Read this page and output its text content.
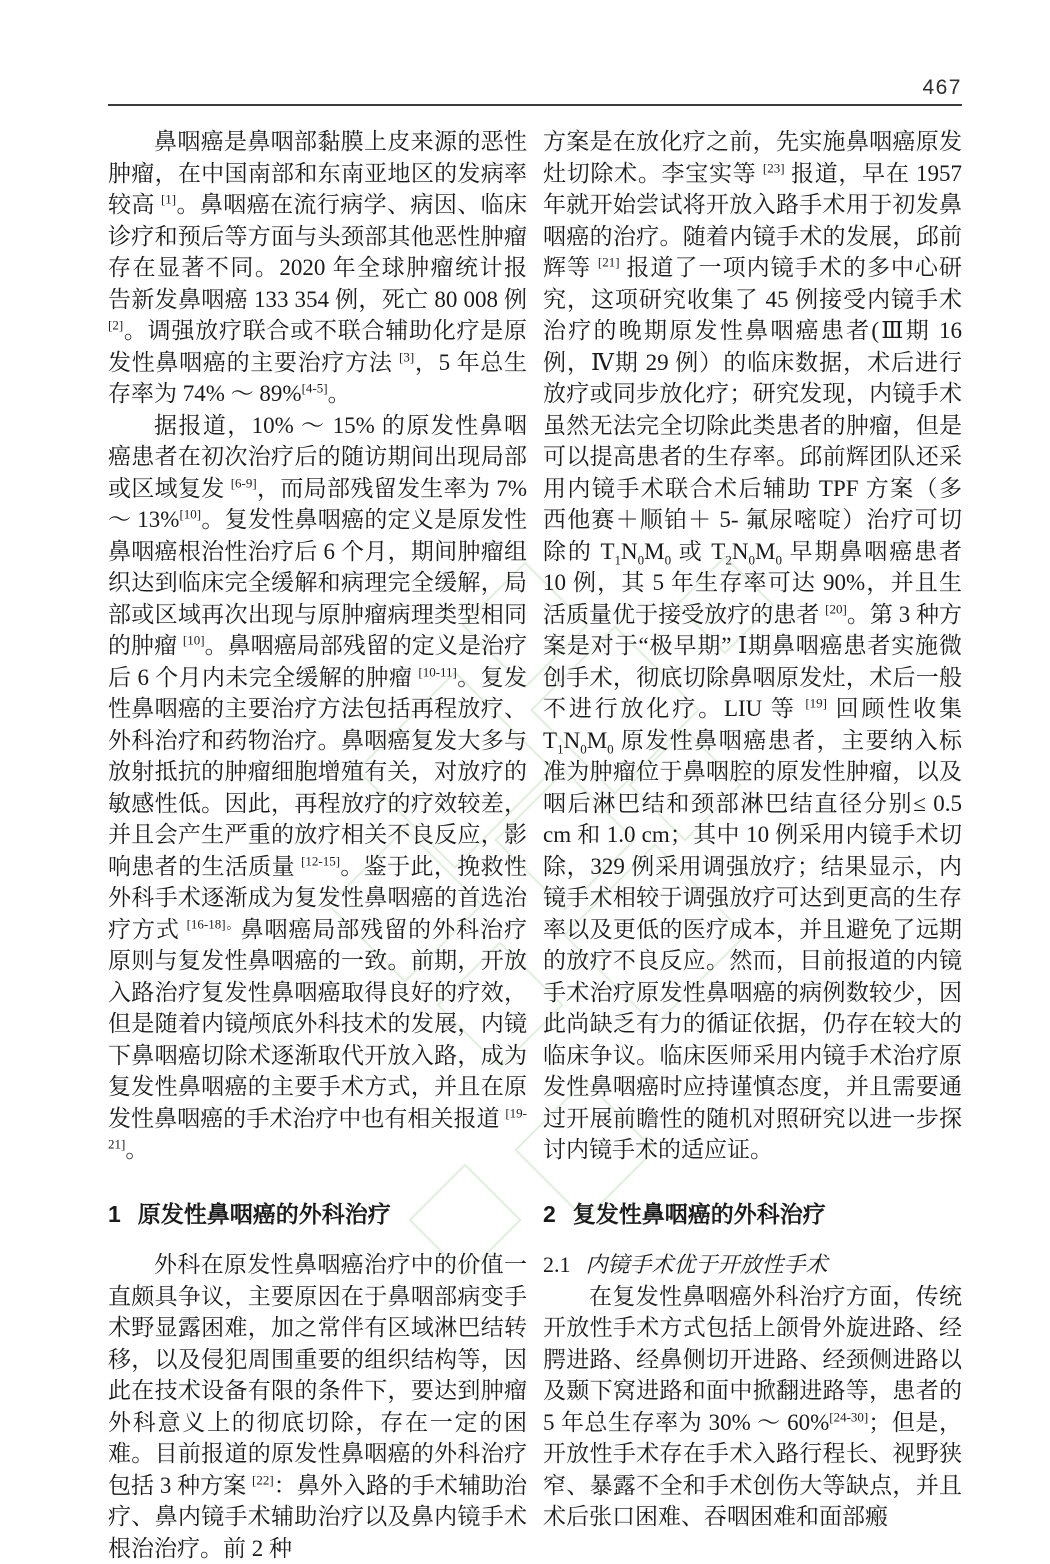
467

鼻咽癌是鼻咽部黏膜上皮来源的恶性肿瘤，在中国南部和东南亚地区的发病率较高 [1]。鼻咽癌在流行病学、病因、临床诊疗和预后等方面与头颈部其他恶性肿瘤存在显著不同。2020 年全球肿瘤统计报告新发鼻咽癌 133 354 例，死亡 80 008 例 [2]。调强放疗联合或不联合辅助化疗是原发性鼻咽癌的主要治疗方法 [3]，5 年总生存率为 74% ～ 89%[4-5]。

据报道，10% ～ 15% 的原发性鼻咽癌患者在初次治疗后的随访期间出现局部或区域复发 [6-9]，而局部残留发生率为 7% ～ 13%[10]。复发性鼻咽癌的定义是原发性鼻咽癌根治性治疗后 6 个月，期间肿瘤组织达到临床完全缓解和病理完全缓解，局部或区域再次出现与原肿瘤病理类型相同的肿瘤 [10]。鼻咽癌局部残留的定义是治疗后 6 个月内未完全缓解的肿瘤 [10-11]。复发性鼻咽癌的主要治疗方法包括再程放疗、外科治疗和药物治疗。鼻咽癌复发大多与放射抵抗的肿瘤细胞增殖有关，对放疗的敏感性低。因此，再程放疗的疗效较差，并且会产生严重的放疗相关不良反应，影响患者的生活质量 [12-15]。鉴于此，挽救性外科手术逐渐成为复发性鼻咽癌的首选治疗方式 $^{[16-18]。}$鼻咽癌局部残留的外科治疗原则与复发性鼻咽癌的一致。前期，开放入路治疗复发性鼻咽癌取得良好的疗效，但是随着内镜颅底外科技术的发展，内镜下鼻咽癌切除术逐渐取代开放入路，成为复发性鼻咽癌的主要手术方式，并且在原发性鼻咽癌的手术治疗中也有相关报道 [19-21]。

1 原发性鼻咽癌的外科治疗

外科在原发性鼻咽癌治疗中的价值一直颇具争议，主要原因在于鼻咽部病变手术野显露困难，加之常伴有区域淋巴结转移，以及侵犯周围重要的组织结构等，因此在技术设备有限的条件下，要达到肿瘤外科意义上的彻底切除，存在一定的困难。目前报道的原发性鼻咽癌的外科治疗包括 3 种方案 [22]：鼻外入路的手术辅助治疗、鼻内镜手术辅助治疗以及鼻内镜手术根治治疗。前 2 种

方案是在放化疗之前，先实施鼻咽癌原发灶切除术。李宝实等 [23] 报道，早在 1957 年就开始尝试将开放入路手术用于初发鼻咽癌的治疗。随着内镜手术的发展，邱前辉等 [21] 报道了一项内镜手术的多中心研究，这项研究收集了 45 例接受内镜手术治疗的晚期原发性鼻咽癌患者(Ⅲ期 16 例，Ⅳ期 29 例）的临床数据，术后进行放疗或同步放化疗；研究发现，内镜手术虽然无法完全切除此类患者的肿瘤，但是可以提高患者的生存率。邱前辉团队还采用内镜手术联合术后辅助 TPF 方案（多西他赛＋顺铂＋ 5- 氟尿嘧啶）治疗可切除的 $T_1N_0M_0$ 或 $T_2N_0M_0$ 早期鼻咽癌患者 10 例，其 5 年生存率可达 90%，并且生活质量优于接受放疗的患者 [20]。第 3 种方案是对于“极早期” Ⅰ期鼻咽癌患者实施微创手术，彻底切除鼻咽原发灶，术后一般不进行放化疗。LIU 等 [19] 回顾性收集 $T_1N_0M_0$ 原发性鼻咽癌患者，主要纳入标准为肿瘤位于鼻咽腔的原发性肿瘤，以及咽后淋巴结和颈部淋巴结直径分别≤ 0.5 cm 和 1.0 cm；其中 10 例采用内镜手术切除，329 例采用调强放疗；结果显示，内镜手术相较于调强放疗可达到更高的生存率以及更低的医疗成本，并且避免了远期的放疗不良反应。然而，目前报道的内镜手术治疗原发性鼻咽癌的病例数较少，因此尚缺乏有力的循证依据，仍存在较大的临床争议。临床医师采用内镜手术治疗原发性鼻咽癌时应持谨慎态度，并且需要通过开展前瞻性的随机对照研究以进一步探讨内镜手术的适应证。

2 复发性鼻咽癌的外科治疗
2.1 内镜手术优于开放性手术

在复发性鼻咽癌外科治疗方面，传统开放性手术方式包括上颌骨外旋进路、经腭进路、经鼻侧切开进路、经颈侧进路以及颞下窝进路和面中掀翻进路等，患者的 5 年总生存率为 30% ～ 60%[24-30]；但是，开放性手术存在手术入路行程长、视野狭窄、暴露不全和手术创伤大等缺点，并且术后张口困难、吞咽困难和面部瘢
